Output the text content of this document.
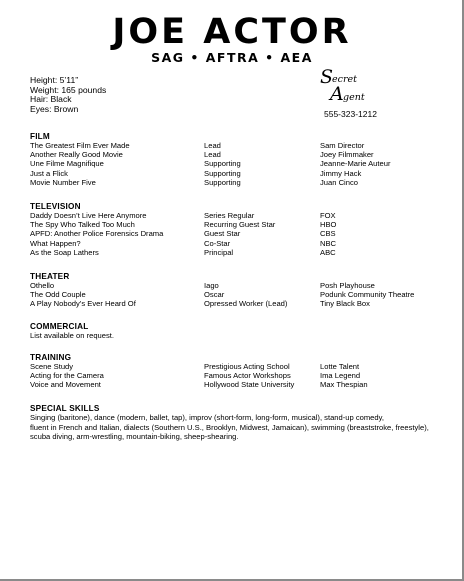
JOE ACTOR
SAG • AFTRA • AEA
Height: 5’11”
Weight: 165 pounds
Hair: Black
Eyes: Brown
S
ecret
A gent
555-323-1212
FILM
The Greatest Film Ever Made	Lead	Sam Director
Another Really Good Movie	Lead	Joey Filmmaker
Une Filme Magnifique	Supporting	Jeanne-Marie Auteur
Just a Flick	Supporting	Jimmy Hack
Movie Number Five	Supporting	Juan Cinco
TELEVISION
Daddy Doesn’t Live Here Anymore	Series Regular	FOX
The Spy Who Talked Too Much	Recurring Guest Star	HBO
APFD: Another Police Forensics Drama	Guest Star	CBS
What Happen?	Co-Star	NBC
As the Soap Lathers	Principal	ABC
THEATER
Othello	Iago	Posh Playhouse
The Odd Couple	Oscar	Podunk Community Theatre
A Play Nobody’s Ever Heard Of	Opressed Worker (Lead)	Tiny Black Box
COMMERCIAL
List available on request.
TRAINING
Scene Study	Prestigious Acting School	Lotte Talent
Acting for the Camera	Famous Actor Workshops	Ima Legend
Voice and Movement	Hollywood State University	Max Thespian
SPECIAL SKILLS
Singing (baritone), dance (modern, ballet, tap), improv (short-form, long-form, musical), stand-up comedy,
fluent in French and Italian, dialects (Southern U.S., Brooklyn, Midwest, Jamaican), swimming (breaststroke, freestyle),
scuba diving, arm-wrestling, mountain-biking, sheep-shearing.
